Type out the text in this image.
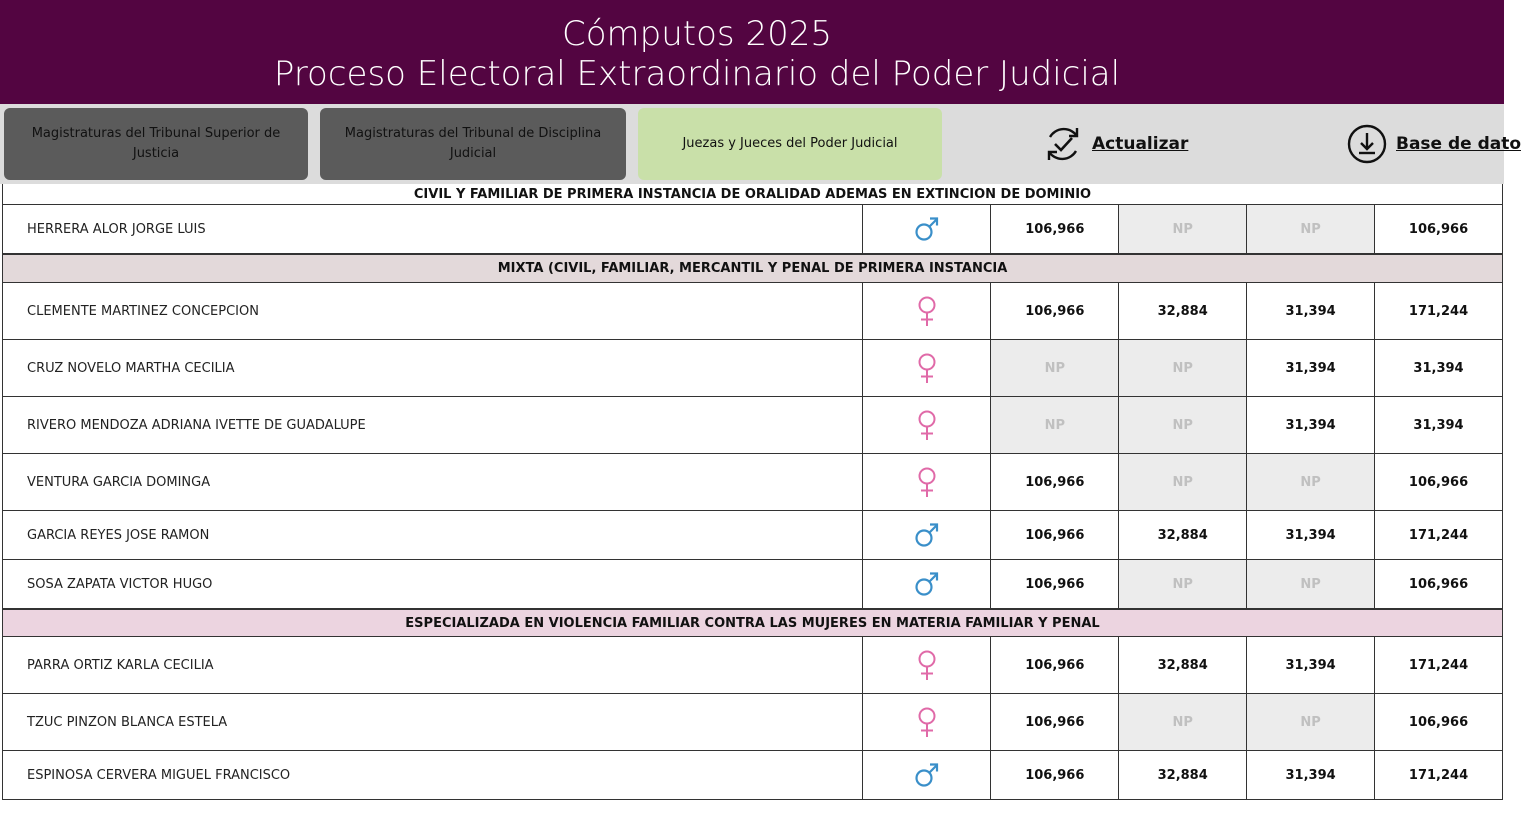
Cómputos 2025
Proceso Electoral Extraordinario del Poder Judicial
Magistraturas del Tribunal Superior de Justicia
Magistraturas del Tribunal de Disciplina Judicial
Juezas y Jueces del Poder Judicial	Actualizar	Base de dato
CIVIL Y FAMILIAR DE PRIMERA INSTANCIA DE ORALIDAD ADEMAS EN EXTINCION DE DOMINIO
HERRERA ALOR JORGE LUIS	106,966	NP	NP	106,966
MIXTA (CIVIL, FAMILIAR, MERCANTIL Y PENAL DE PRIMERA INSTANCIA
CLEMENTE MARTINEZ CONCEPCION	106,966	32,884	31,394	171,244
CRUZ NOVELO MARTHA CECILIA	NP	NP	31,394	31,394
RIVERO MENDOZA ADRIANA IVETTE DE GUADALUPE	NP	NP	31,394	31,394
VENTURA GARCIA DOMINGA	106,966	NP	NP	106,966
GARCIA REYES JOSE RAMON	106,966	32,884	31,394	171,244
SOSA ZAPATA VICTOR HUGO	106,966	NP	NP	106,966
ESPECIALIZADA EN VIOLENCIA FAMILIAR CONTRA LAS MUJERES EN MATERIA FAMILIAR Y PENAL
PARRA ORTIZ KARLA CECILIA	106,966	32,884	31,394	171,244
TZUC PINZON BLANCA ESTELA	106,966	NP	NP	106,966
ESPINOSA CERVERA MIGUEL FRANCISCO	106,966	32,884	31,394	171,244
